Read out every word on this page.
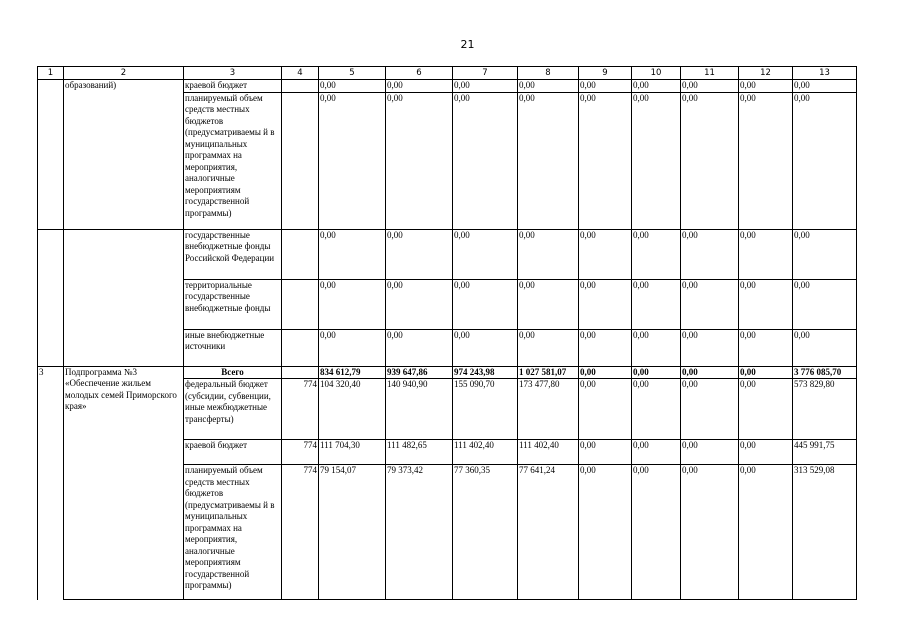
21
1	2	3	4	5	6	7	8	9	10	11	12	13
	образований)	краевой бюджет		0,00	0,00	0,00	0,00	0,00	0,00	0,00	0,00	0,00
		планируемый объем средств местных бюджетов (предусматриваемы й в муниципальных программах на мероприятия, аналогичные мероприятиям государственной программы)		0,00	0,00	0,00	0,00	0,00	0,00	0,00	0,00	0,00
		государственные внебюджетные фонды Российской Федерации		0,00	0,00	0,00	0,00	0,00	0,00	0,00	0,00	0,00
		территориальные государственные внебюджетные фонды		0,00	0,00	0,00	0,00	0,00	0,00	0,00	0,00	0,00
		иные внебюджетные источники		0,00	0,00	0,00	0,00	0,00	0,00	0,00	0,00	0,00
3	Подпрограмма №3 «Обеспечение жильем молодых семей Приморского края»	Всего		834 612,79	939 647,86	974 243,98	1 027 581,07	0,00	0,00	0,00	0,00	3 776 085,70
		федеральный бюджет (субсидии, субвенции, иные межбюджетные трансферты)	774	104 320,40	140 940,90	155 090,70	173 477,80	0,00	0,00	0,00	0,00	573 829,80
		краевой бюджет	774	111 704,30	111 482,65	111 402,40	111 402,40	0,00	0,00	0,00	0,00	445 991,75
		планируемый объем средств местных бюджетов (предусматриваемы й в муниципальных программах на мероприятия, аналогичные мероприятиям государственной программы)	774	79 154,07	79 373,42	77 360,35	77 641,24	0,00	0,00	0,00	0,00	313 529,08
